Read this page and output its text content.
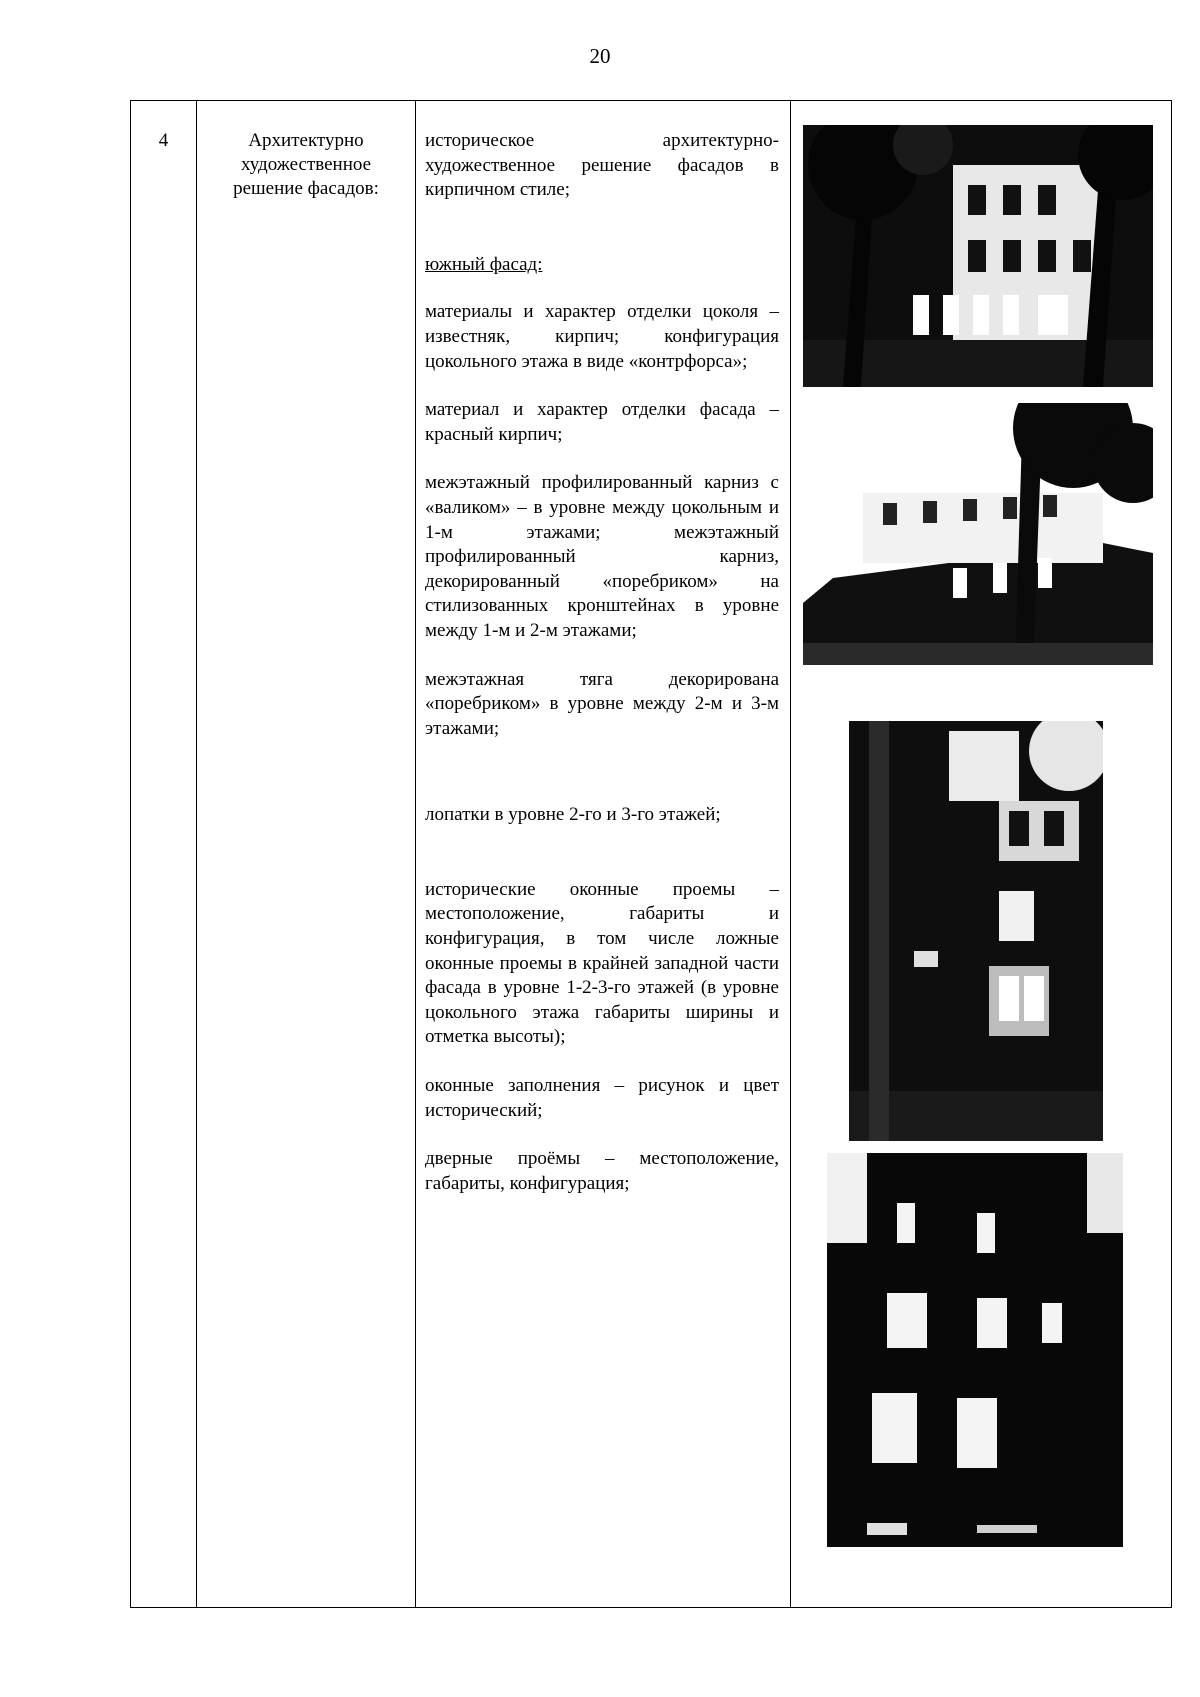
20
4	Архитектурно художественное решение фасадов:

историческое архитектурно-художественное решение фасадов в кирпичном стиле;

южный фасад:

материалы и характер отделки цоколя – известняк, кирпич; конфигурация цокольного этажа в виде «контрфорса»;

материал и характер отделки фасада – красный кирпич;

межэтажный профилированный карниз с «валиком» – в уровне между цокольным и 1-м этажами; межэтажный профилированный карниз, декорированный «поребриком» на стилизованных кронштейнах в уровне между 1-м и 2-м этажами;

межэтажная тяга декорирована «поребриком» в уровне между 2-м и 3-м этажами;

лопатки в уровне 2-го и 3-го этажей;

исторические оконные проемы – местоположение, габариты и конфигурация, в том числе ложные оконные проемы в крайней западной части фасада в уровне 1-2-3-го этажей (в уровне цокольного этажа габариты ширины и отметка высоты);

оконные заполнения – рисунок и цвет исторический;

дверные проёмы – местоположение, габариты, конфигурация;
